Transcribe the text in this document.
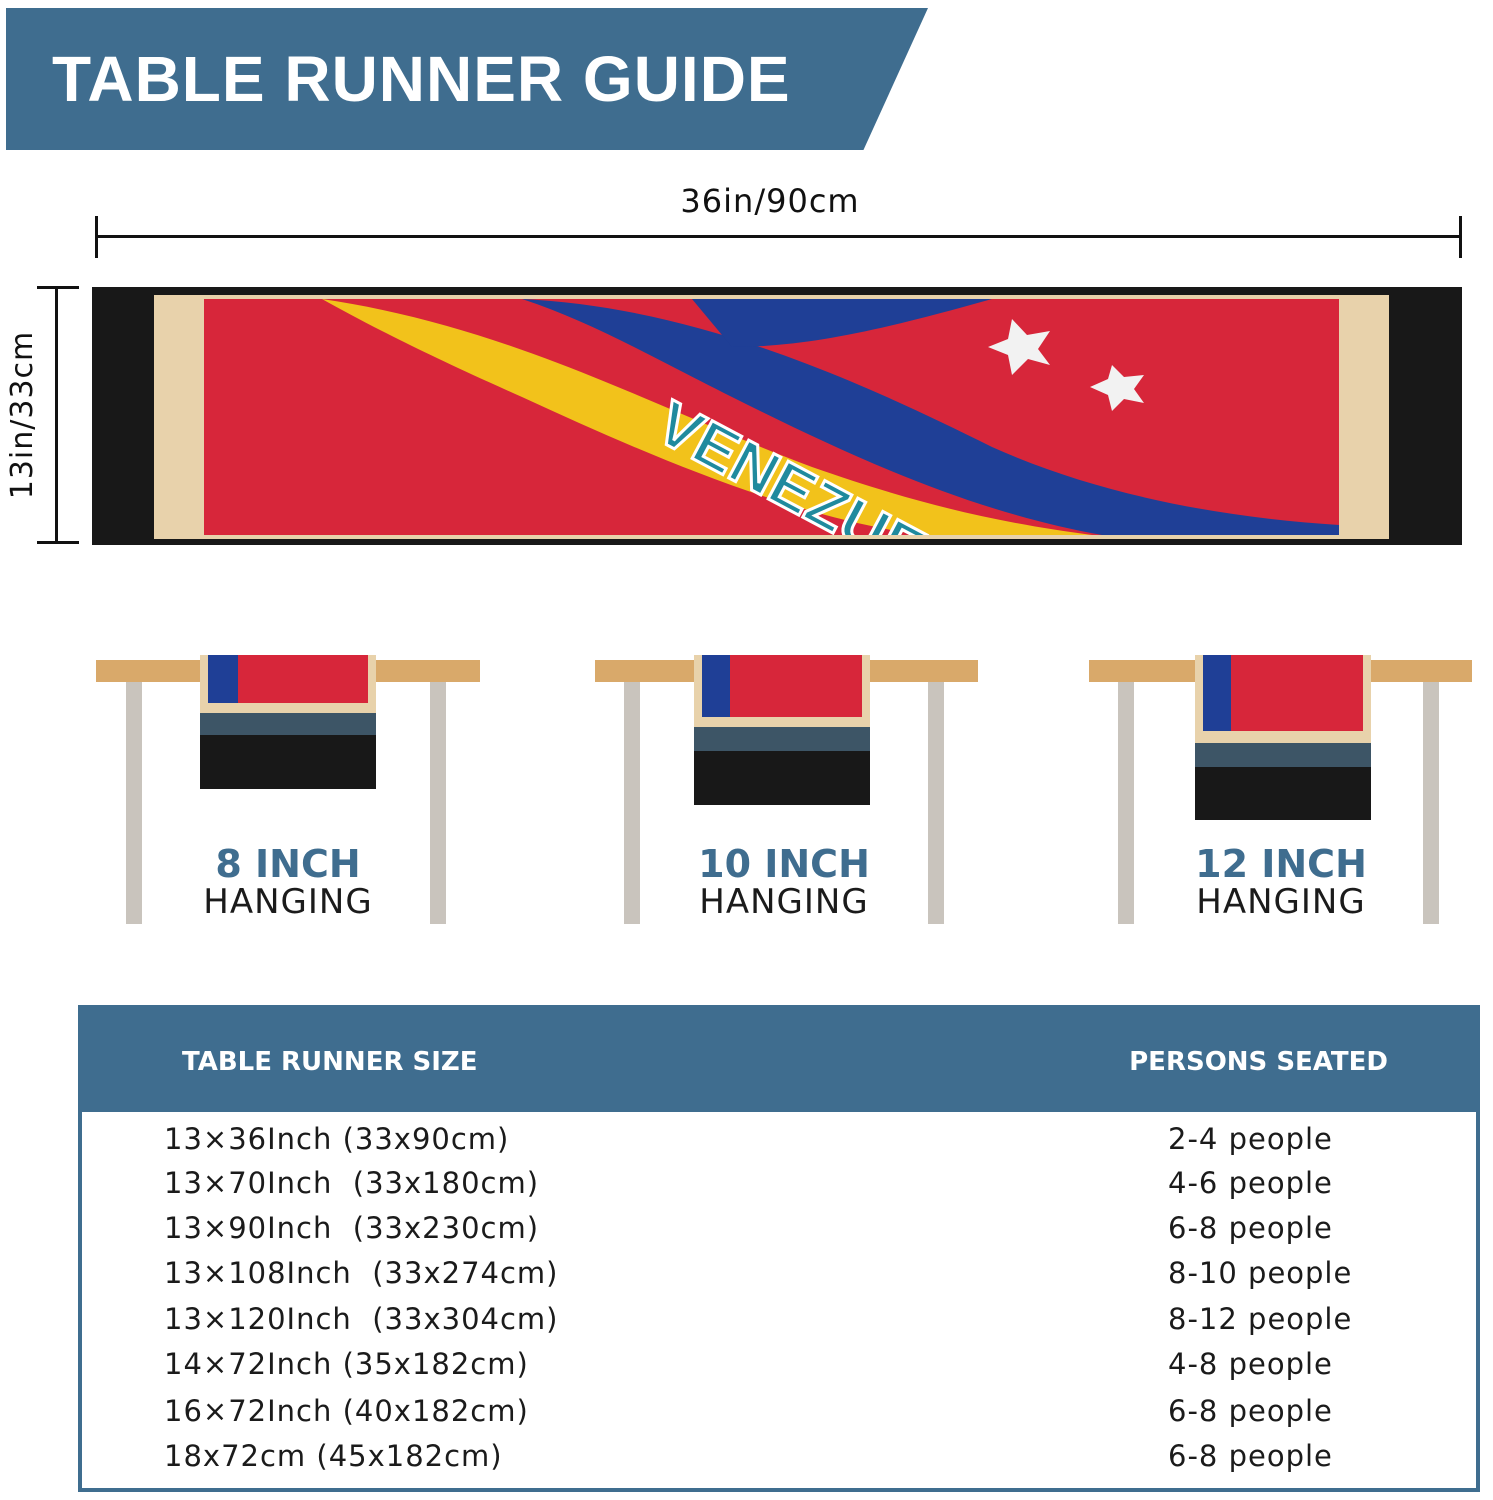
TABLE RUNNER GUIDE
36in/90cm
13in/33cm
8 INCH
HANGING
10 INCH
HANGING
12 INCH
HANGING
TABLE RUNNER SIZE	PERSONS SEATED
13×36Inch (33x90cm)	2-4 people
13×70Inch  (33x180cm)	4-6 people
13×90Inch  (33x230cm)	6-8 people
13×108Inch  (33x274cm)	8-10 people
13×120Inch  (33x304cm)	8-12 people
14×72Inch (35x182cm)	4-8 people
16×72Inch (40x182cm)	6-8 people
18x72cm (45x182cm)	6-8 people
